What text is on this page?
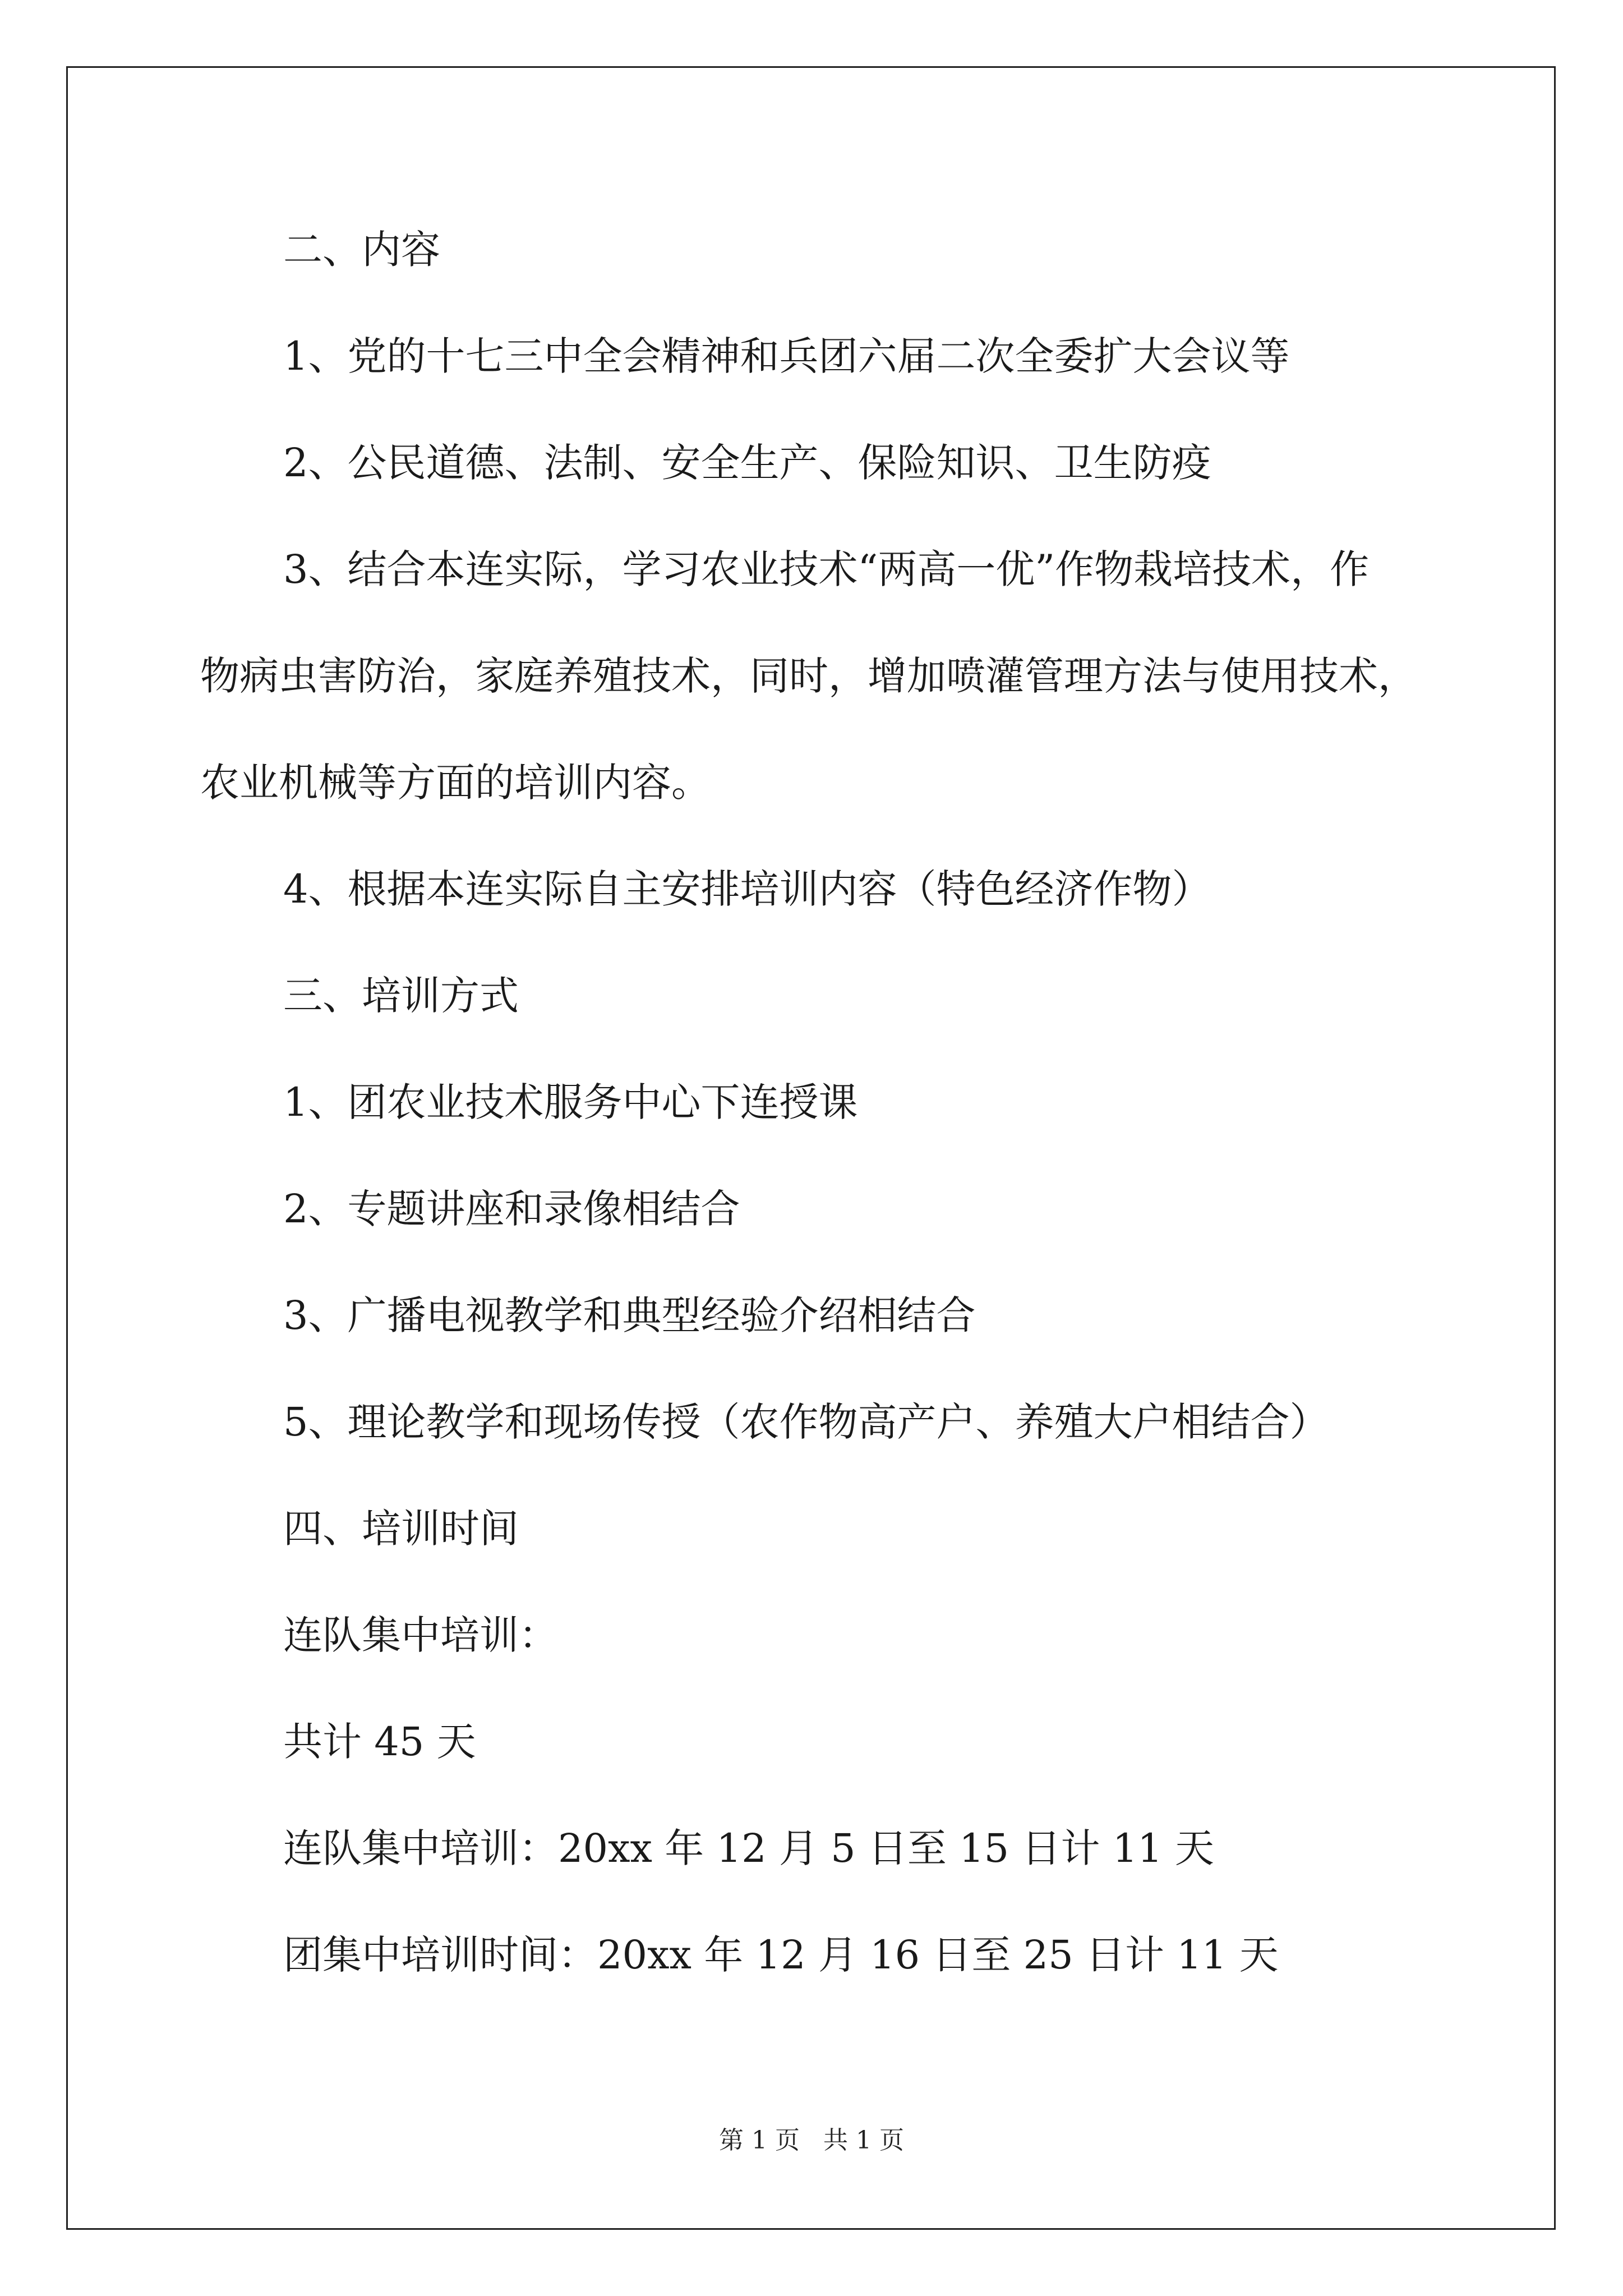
二、内容
1、党的十七三中全会精神和兵团六届二次全委扩大会议等
2、公民道德、法制、安全生产、保险知识、卫生防疫
3、结合本连实际，学习农业技术“两高一优”作物栽培技术，作
物病虫害防治，家庭养殖技术，同时，增加喷灌管理方法与使用技术，
农业机械等方面的培训内容。
4、根据本连实际自主安排培训内容（特色经济作物）
三、培训方式
1、团农业技术服务中心下连授课
2、专题讲座和录像相结合
3、广播电视教学和典型经验介绍相结合
5、理论教学和现场传授（农作物高产户、养殖大户相结合）
四、培训时间
连队集中培训：
共计 45 天
连队集中培训：20xx 年 12 月 5 日至 15 日计 11 天
团集中培训时间：20xx 年 12 月 16 日至 25 日计 11 天
第 1 页   共 1 页
